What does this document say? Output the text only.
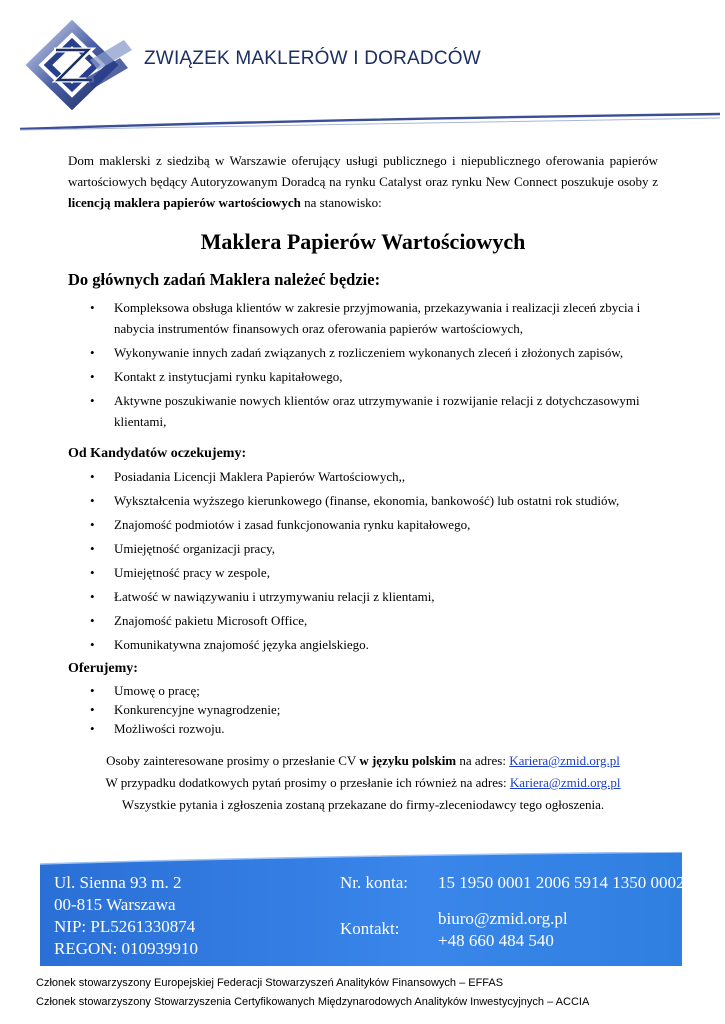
ZWIĄZEK MAKLERÓW I DORADCÓW

Dom maklerski z siedzibą w Warszawie oferujący usługi publicznego i niepublicznego oferowania papierów wartościowych będący Autoryzowanym Doradcą na rynku Catalyst oraz rynku New Connect poszukuje osoby z licencją maklera papierów wartościowych na stanowisko:

Maklera Papierów Wartościowych
Do głównych zadań Maklera należeć będzie:
• Kompleksowa obsługa klientów w zakresie przyjmowania, przekazywania i realizacji zleceń zbycia i nabycia instrumentów finansowych oraz oferowania papierów wartościowych,
• Wykonywanie innych zadań związanych z rozliczeniem wykonanych zleceń i złożonych zapisów,
• Kontakt z instytucjami rynku kapitałowego,
• Aktywne poszukiwanie nowych klientów oraz utrzymywanie i rozwijanie relacji z dotychczasowymi klientami,
Od Kandydatów oczekujemy:
• Posiadania Licencji Maklera Papierów Wartościowych,,
• Wykształcenia wyższego kierunkowego (finanse, ekonomia, bankowość) lub ostatni rok studiów,
• Znajomość podmiotów i zasad funkcjonowania rynku kapitałowego,
• Umiejętność organizacji pracy,
• Umiejętność pracy w zespole,
• Łatwość w nawiązywaniu i utrzymywaniu relacji z klientami,
• Znajomość pakietu Microsoft Office,
• Komunikatywna znajomość języka angielskiego.
Oferujemy:
• Umowę o pracę;
• Konkurencyjne wynagrodzenie;
• Możliwości rozwoju.

Osoby zainteresowane prosimy o przesłanie CV w języku polskim na adres: Kariera@zmid.org.pl

W przypadku dodatkowych pytań prosimy o przesłanie ich również na adres: Kariera@zmid.org.pl

Wszystkie pytania i zgłoszenia zostaną przekazane do firmy-zleceniodawcy tego ogłoszenia.

Ul. Sienna 93 m. 2
00-815 Warszawa
NIP: PL5261330874
REGON: 010939910
Nr. konta: 15 1950 0001 2006 5914 1350 0002
Kontakt:
biuro@zmid.org.pl
+48 660 484 540
Członek stowarzyszony Europejskiej Federacji Stowarzyszeń Analityków Finansowych – EFFAS
Członek stowarzyszony Stowarzyszenia Certyfikowanych Międzynarodowych Analityków Inwestycyjnych – ACCIA
